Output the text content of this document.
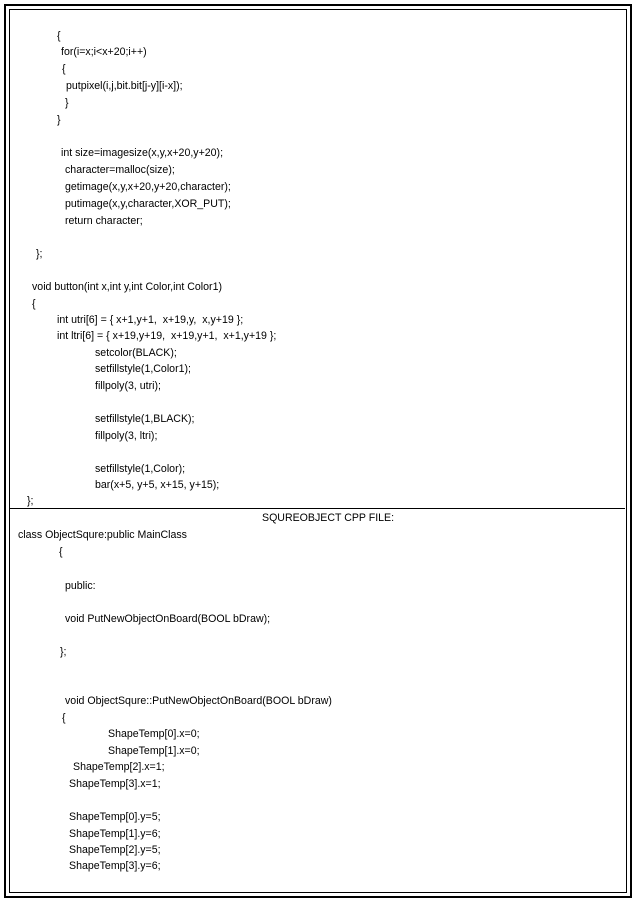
{
for(i=x;i<x+20;i++)
{
putpixel(i,j,bit.bit[j-y][i-x]);
}
}
int size=imagesize(x,y,x+20,y+20);
character=malloc(size);
getimage(x,y,x+20,y+20,character);
putimage(x,y,character,XOR_PUT);
return character;
};
void button(int x,int y,int Color,int Color1)
{
int utri[6] = { x+1,y+1,  x+19,y,  x,y+19 };
int ltri[6] = { x+19,y+19,  x+19,y+1,  x+1,y+19 };
setcolor(BLACK);
setfillstyle(1,Color1);
fillpoly(3, utri);
setfillstyle(1,BLACK);
fillpoly(3, ltri);
setfillstyle(1,Color);
bar(x+5, y+5, x+15, y+15);
};
SQUREOBJECT CPP FILE:
class ObjectSqure:public MainClass
{
public:
void PutNewObjectOnBoard(BOOL bDraw);
};
void ObjectSqure::PutNewObjectOnBoard(BOOL bDraw)
{
ShapeTemp[0].x=0;
ShapeTemp[1].x=0;
ShapeTemp[2].x=1;
ShapeTemp[3].x=1;
ShapeTemp[0].y=5;
ShapeTemp[1].y=6;
ShapeTemp[2].y=5;
ShapeTemp[3].y=6;
